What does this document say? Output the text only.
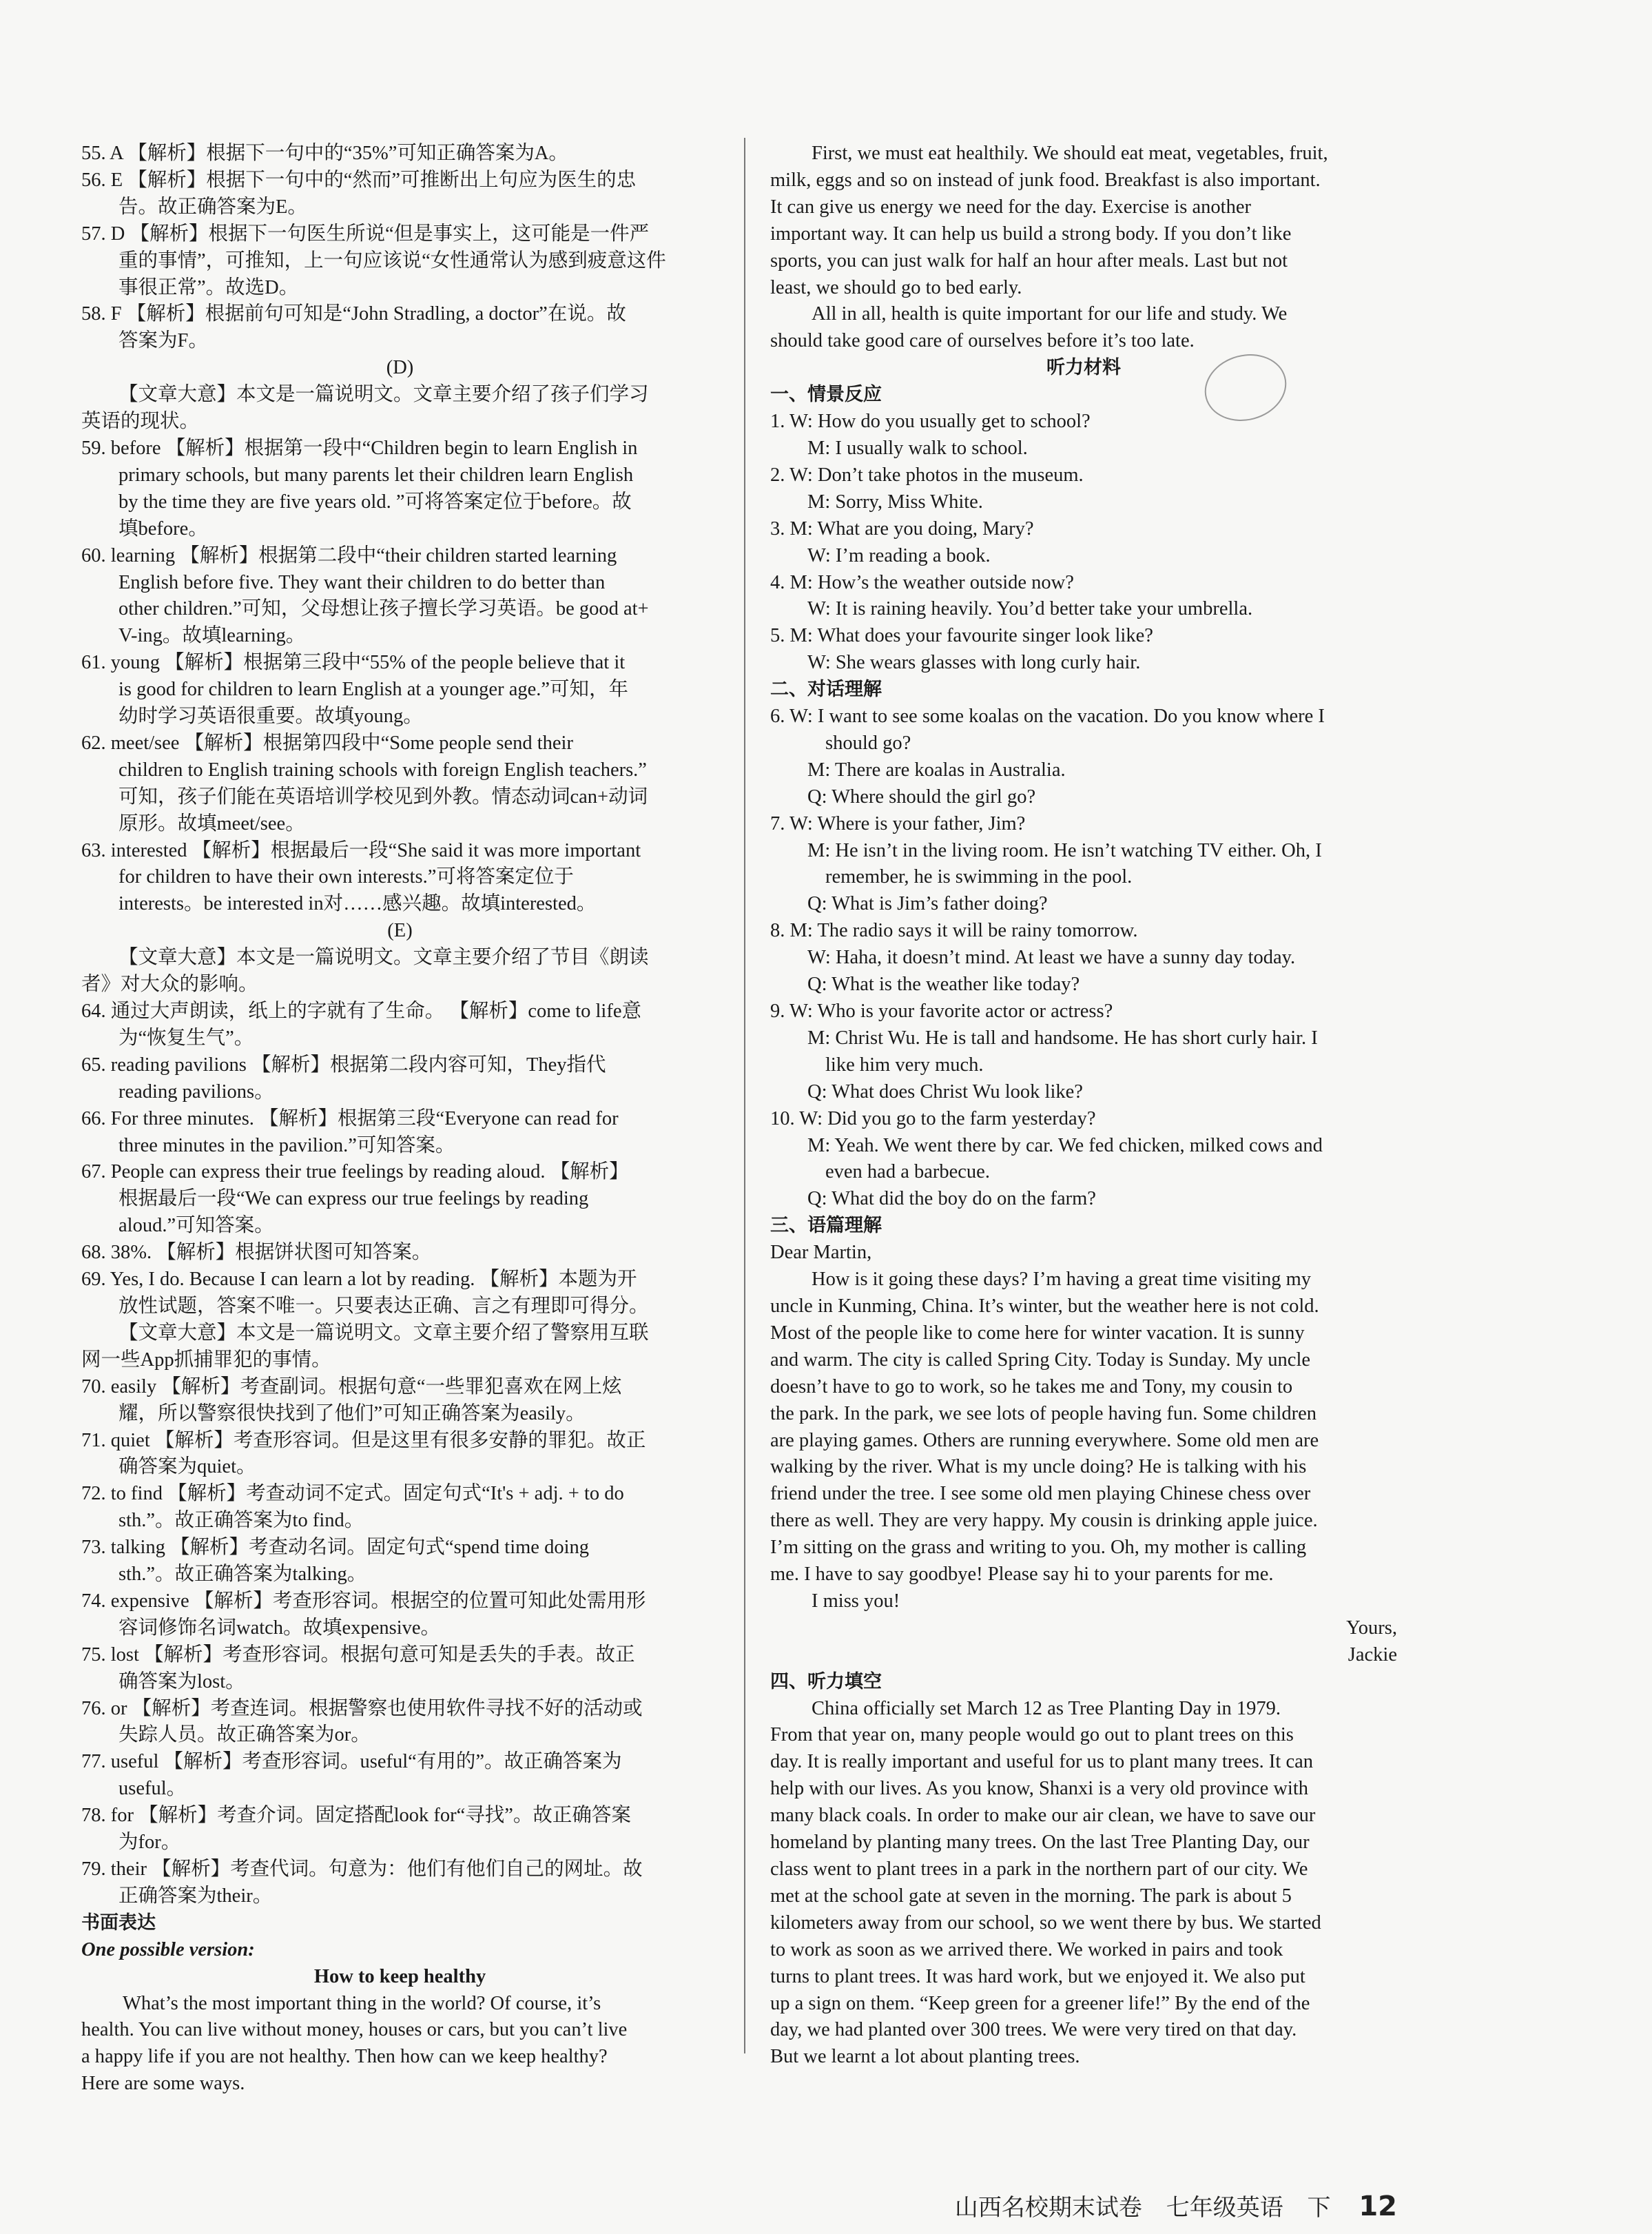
55. A 【解析】根据下一句中的“35%”可知正确答案为A。
56. E 【解析】根据下一句中的“然而”可推断出上句应为医生的忠
告。故正确答案为E。
57. D 【解析】根据下一句医生所说“但是事实上，这可能是一件严
重的事情”，可推知，上一句应该说“女性通常认为感到疲意这件
事很正常”。故选D。
58. F 【解析】根据前句可知是“John Stradling, a doctor”在说。故
答案为F。
(D)
【文章大意】本文是一篇说明文。文章主要介绍了孩子们学习
英语的现状。
59. before 【解析】根据第一段中“Children begin to learn English in
primary schools, but many parents let their children learn English
by the time they are five years old. ”可将答案定位于before。故
填before。
60. learning 【解析】根据第二段中“their children started learning
English before five. They want their children to do better than
other children.”可知，父母想让孩子擅长学习英语。be good at+
V-ing。故填learning。
61. young 【解析】根据第三段中“55% of the people believe that it
is good for children to learn English at a younger age.”可知，年
幼时学习英语很重要。故填young。
62. meet/see 【解析】根据第四段中“Some people send their
children to English training schools with foreign English teachers.”
可知，孩子们能在英语培训学校见到外教。情态动词can+动词
原形。故填meet/see。
63. interested 【解析】根据最后一段“She said it was more important
for children to have their own interests.”可将答案定位于
interests。be interested in对……感兴趣。故填interested。
(E)
【文章大意】本文是一篇说明文。文章主要介绍了节目《朗读
者》对大众的影响。
64. 通过大声朗读，纸上的字就有了生命。 【解析】come to life意
为“恢复生气”。
65. reading pavilions 【解析】根据第二段内容可知，They指代
reading pavilions。
66. For three minutes. 【解析】根据第三段“Everyone can read for
three minutes in the pavilion.”可知答案。
67. People can express their true feelings by reading aloud. 【解析】
根据最后一段“We can express our true feelings by reading
aloud.”可知答案。
68. 38%. 【解析】根据饼状图可知答案。
69. Yes, I do. Because I can learn a lot by reading. 【解析】本题为开
放性试题，答案不唯一。只要表达正确、言之有理即可得分。
【文章大意】本文是一篇说明文。文章主要介绍了警察用互联
网一些App抓捕罪犯的事情。
70. easily 【解析】考查副词。根据句意“一些罪犯喜欢在网上炫
耀，所以警察很快找到了他们”可知正确答案为easily。
71. quiet 【解析】考查形容词。但是这里有很多安静的罪犯。故正
确答案为quiet。
72. to find 【解析】考查动词不定式。固定句式“It's + adj. + to do
sth.”。故正确答案为to find。
73. talking 【解析】考查动名词。固定句式“spend time doing
sth.”。故正确答案为talking。
74. expensive 【解析】考查形容词。根据空的位置可知此处需用形
容词修饰名词watch。故填expensive。
75. lost 【解析】考查形容词。根据句意可知是丢失的手表。故正
确答案为lost。
76. or 【解析】考查连词。根据警察也使用软件寻找不好的活动或
失踪人员。故正确答案为or。
77. useful 【解析】考查形容词。useful“有用的”。故正确答案为
useful。
78. for 【解析】考查介词。固定搭配look for“寻找”。故正确答案
为for。
79. their 【解析】考查代词。句意为：他们有他们自己的网址。故
正确答案为their。
书面表达
One possible version:
How to keep healthy
What’s the most important thing in the world? Of course, it’s
health. You can live without money, houses or cars, but you can’t live
a happy life if you are not healthy. Then how can we keep healthy?
Here are some ways.
First, we must eat healthily. We should eat meat, vegetables, fruit,
milk, eggs and so on instead of junk food. Breakfast is also important.
It can give us energy we need for the day. Exercise is another
important way. It can help us build a strong body. If you don’t like
sports, you can just walk for half an hour after meals. Last but not
least, we should go to bed early.
All in all, health is quite important for our life and study. We
should take good care of ourselves before it’s too late.
听力材料
一、情景反应
1. W: How do you usually get to school?
M: I usually walk to school.
2. W: Don’t take photos in the museum.
M: Sorry, Miss White.
3. M: What are you doing, Mary?
W: I’m reading a book.
4. M: How’s the weather outside now?
W: It is raining heavily. You’d better take your umbrella.
5. M: What does your favourite singer look like?
W: She wears glasses with long curly hair.
二、对话理解
6. W: I want to see some koalas on the vacation. Do you know where I
should go?
M: There are koalas in Australia.
Q: Where should the girl go?
7. W: Where is your father, Jim?
M: He isn’t in the living room. He isn’t watching TV either. Oh, I
remember, he is swimming in the pool.
Q: What is Jim’s father doing?
8. M: The radio says it will be rainy tomorrow.
W: Haha, it doesn’t mind. At least we have a sunny day today.
Q: What is the weather like today?
9. W: Who is your favorite actor or actress?
M: Christ Wu. He is tall and handsome. He has short curly hair. I
like him very much.
Q: What does Christ Wu look like?
10. W: Did you go to the farm yesterday?
M: Yeah. We went there by car. We fed chicken, milked cows and
even had a barbecue.
Q: What did the boy do on the farm?
三、语篇理解
Dear Martin,
How is it going these days? I’m having a great time visiting my
uncle in Kunming, China. It’s winter, but the weather here is not cold.
Most of the people like to come here for winter vacation. It is sunny
and warm. The city is called Spring City. Today is Sunday. My uncle
doesn’t have to go to work, so he takes me and Tony, my cousin to
the park. In the park, we see lots of people having fun. Some children
are playing games. Others are running everywhere. Some old men are
walking by the river. What is my uncle doing? He is talking with his
friend under the tree. I see some old men playing Chinese chess over
there as well. They are very happy. My cousin is drinking apple juice.
I’m sitting on the grass and writing to you. Oh, my mother is calling
me. I have to say goodbye! Please say hi to your parents for me.
I miss you!
Yours,
Jackie
四、听力填空
China officially set March 12 as Tree Planting Day in 1979.
From that year on, many people would go out to plant trees on this
day. It is really important and useful for us to plant many trees. It can
help with our lives. As you know, Shanxi is a very old province with
many black coals. In order to make our air clean, we have to save our
homeland by planting many trees. On the last Tree Planting Day, our
class went to plant trees in a park in the northern part of our city. We
met at the school gate at seven in the morning. The park is about 5
kilometers away from our school, so we went there by bus. We started
to work as soon as we arrived there. We worked in pairs and took
turns to plant trees. It was hard work, but we enjoyed it. We also put
up a sign on them. “Keep green for a greener life!” By the end of the
day, we had planted over 300 trees. We were very tired on that day.
But we learnt a lot about planting trees.
山西名校期末试卷 七年级英语 下 12
